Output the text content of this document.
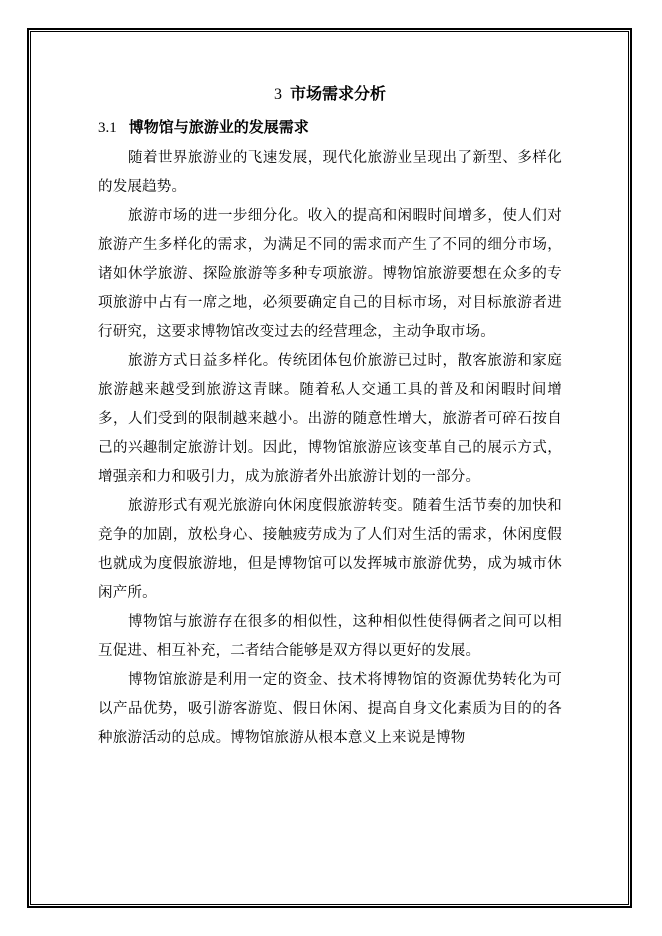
3 市场需求分析
3.1 博物馆与旅游业的发展需求

随着世界旅游业的飞速发展，现代化旅游业呈现出了新型、多样化的发展趋势。

旅游市场的进一步细分化。收入的提高和闲暇时间增多，使人们对旅游产生多样化的需求，为满足不同的需求而产生了不同的细分市场，诸如休学旅游、探险旅游等多种专项旅游。博物馆旅游要想在众多的专项旅游中占有一席之地，必须要确定自己的目标市场，对目标旅游者进行研究，这要求博物馆改变过去的经营理念，主动争取市场。

旅游方式日益多样化。传统团体包价旅游已过时，散客旅游和家庭旅游越来越受到旅游这青睐。随着私人交通工具的普及和闲暇时间增多，人们受到的限制越来越小。出游的随意性增大，旅游者可碎石按自己的兴趣制定旅游计划。因此，博物馆旅游应该变革自己的展示方式，增强亲和力和吸引力，成为旅游者外出旅游计划的一部分。

旅游形式有观光旅游向休闲度假旅游转变。随着生活节奏的加快和竞争的加剧，放松身心、接触疲劳成为了人们对生活的需求，休闲度假也就成为度假旅游地，但是博物馆可以发挥城市旅游优势，成为城市休闲产所。

博物馆与旅游存在很多的相似性，这种相似性使得俩者之间可以相互促进、相互补充，二者结合能够是双方得以更好的发展。

博物馆旅游是利用一定的资金、技术将博物馆的资源优势转化为可以产品优势，吸引游客游览、假日休闲、提高自身文化素质为目的的各种旅游活动的总成。博物馆旅游从根本意义上来说是博物
